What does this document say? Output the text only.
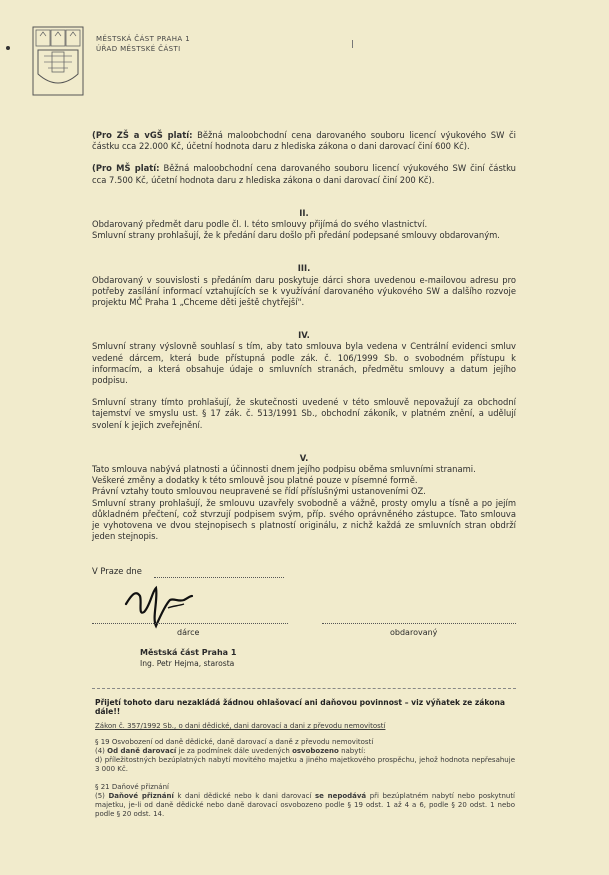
MĚSTSKÁ ČÁST PRAHA 1
ÚŘAD MĚSTSKÉ ČÁSTI

(Pro ZŠ a vGŠ platí: Běžná maloobchodní cena darovaného souboru licencí výukového SW či částku cca 22.000 Kč, účetní hodnota daru z hlediska zákona o dani darovací činí 600 Kč).

(Pro MŠ platí: Běžná maloobchodní cena darovaného souboru licencí výukového SW činí částku cca 7.500 Kč, účetní hodnota daru z hlediska zákona o dani darovací činí 200 Kč).

II.

Obdarovaný předmět daru podle čl. I. této smlouvy přijímá do svého vlastnictví.

Smluvní strany prohlašují, že k předání daru došlo při předání podepsané smlouvy obdarovaným.

III.

Obdarovaný v souvislosti s předáním daru poskytuje dárci shora uvedenou e-mailovou adresu pro potřeby zasílání informací vztahujících se k využívání darovaného výukového SW a dalšího rozvoje projektu MČ Praha 1 „Chceme děti ještě chytřejší".

IV.

Smluvní strany výslovně souhlasí s tím, aby tato smlouva byla vedena v Centrální evidenci smluv vedené dárcem, která bude přístupná podle zák. č. 106/1999 Sb. o svobodném přístupu k informacím, a která obsahuje údaje o smluvních stranách, předmětu smlouvy a datum jejího podpisu.

Smluvní strany tímto prohlašují, že skutečnosti uvedené v této smlouvě nepovažují za obchodní tajemství ve smyslu ust. § 17 zák. č. 513/1991 Sb., obchodní zákoník, v platném znění, a udělují svolení k jejich zveřejnění.

V.

Tato smlouva nabývá platnosti a účinnosti dnem jejího podpisu oběma smluvními stranami.

Veškeré změny a dodatky k této smlouvě jsou platné pouze v písemné formě.

Právní vztahy touto smlouvou neupravené se řídí příslušnými ustanoveními OZ.

Smluvní strany prohlašují, že smlouvu uzavřely svobodně a vážně, prosty omylu a tísně a po jejím důkladném přečtení, což stvrzují podpisem svým, příp. svého oprávněného zástupce. Tato smlouva je vyhotovena ve dvou stejnopisech s platností originálu, z nichž každá ze smluvních stran obdrží jeden stejnopis.

V Praze dne
dárce	obdarovaný
Městská část Praha 1
Ing. Petr Hejma, starosta

Přijetí tohoto daru nezakládá žádnou ohlašovací ani daňovou povinnost – viz výňatek ze zákona dále!!

Zákon č. 357/1992 Sb., o dani dědické, dani darovací a dani z převodu nemovitostí

§ 19 Osvobození od daně dědické, daně darovací a daně z převodu nemovitostí

(4) Od daně darovací je za podmínek dále uvedených osvobozeno nabytí:

d) příležitostných bezúplatných nabytí movitého majetku a jiného majetkového prospěchu, jehož hodnota nepřesahuje 3 000 Kč.

§ 21 Daňové přiznání

(5) Daňové přiznání k dani dědické nebo k dani darovací se nepodává při bezúplatném nabytí nebo poskytnutí majetku, je-li od daně dědické nebo daně darovací osvobozeno podle § 19 odst. 1 až 4 a 6, podle § 20 odst. 1 nebo podle § 20 odst. 14.
